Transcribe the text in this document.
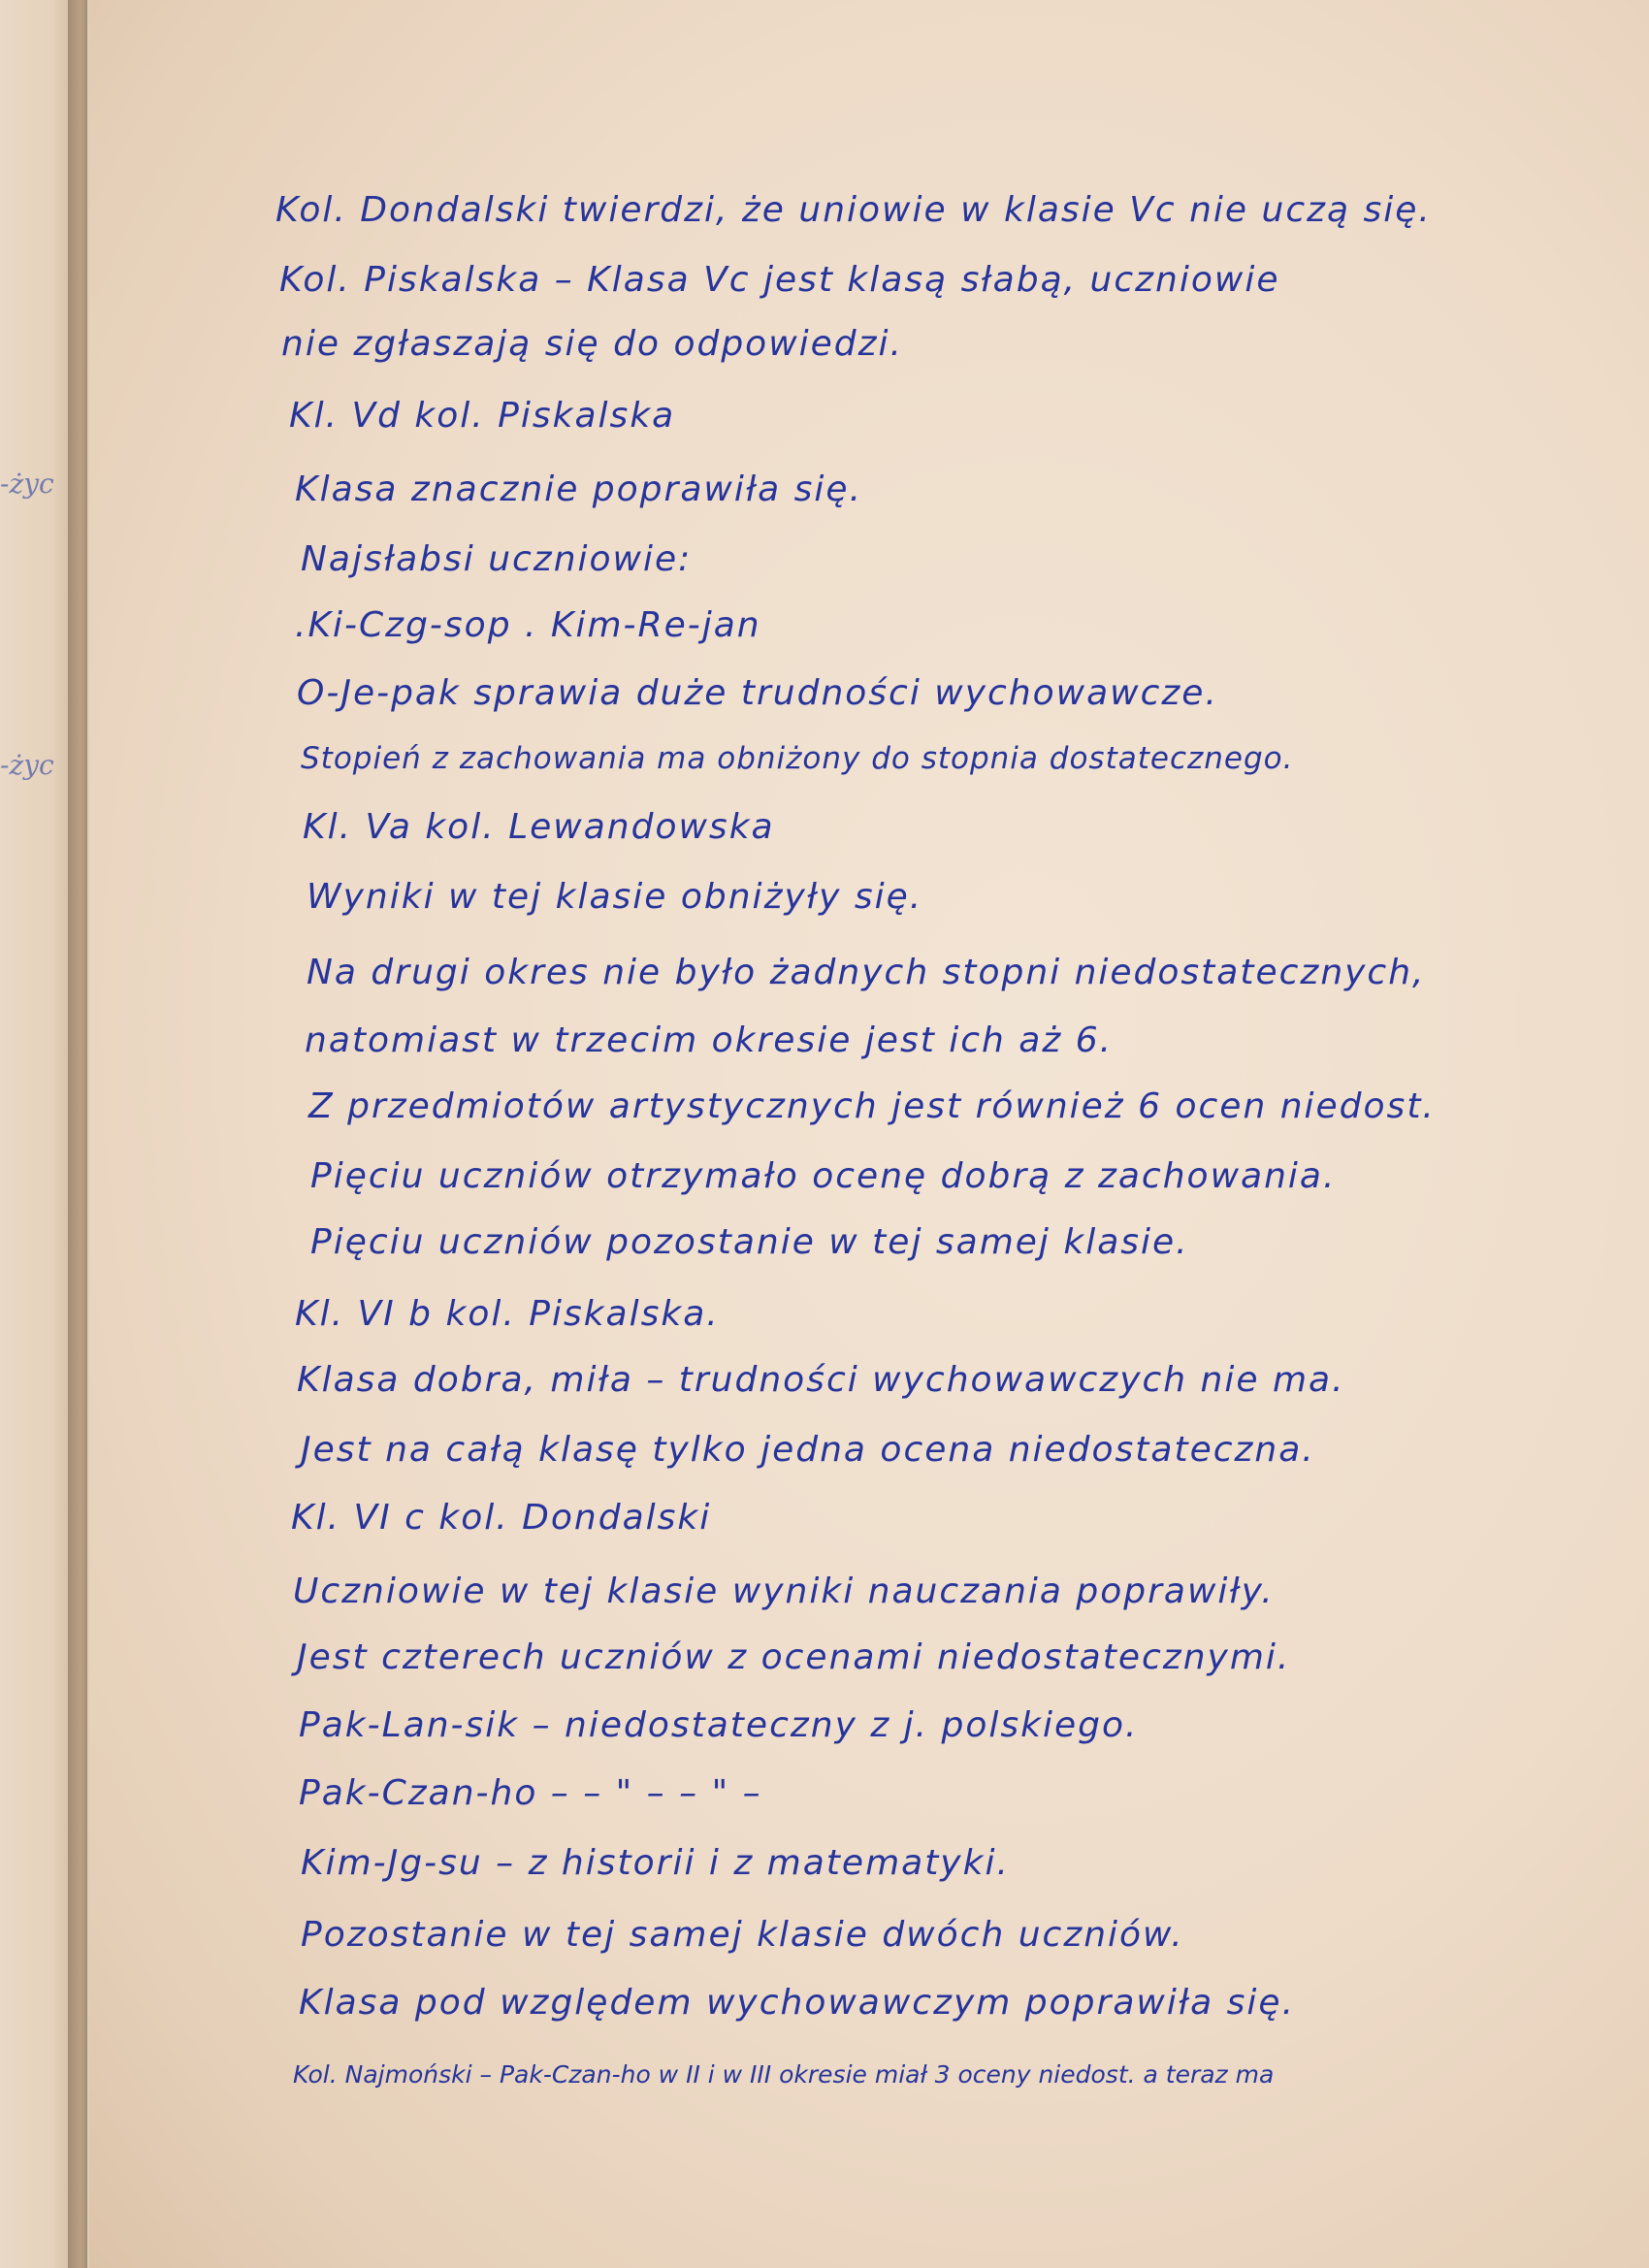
-życ
-życ
Kol. Dondalski twierdzi, że uniowie w klasie Vc nie uczą się.
Kol. Piskalska – Klasa Vc jest klasą słabą, uczniowie
nie zgłaszają się do odpowiedzi.
Kl. Vd kol. Piskalska
Klasa znacznie poprawiła się.
Najsłabsi uczniowie:
.Ki-Czg-sop . Kim-Re-jan
O-Je-pak sprawia duże trudności wychowawcze.
Stopień z zachowania ma obniżony do stopnia dostatecznego.
Kl. Va kol. Lewandowska
Wyniki w tej klasie obniżyły się.
Na drugi okres nie było żadnych stopni niedostatecznych,
natomiast w trzecim okresie jest ich aż 6.
Z przedmiotów artystycznych jest również 6 ocen niedost.
Pięciu uczniów otrzymało ocenę dobrą z zachowania.
Pięciu uczniów pozostanie w tej samej klasie.
Kl. VI b kol. Piskalska.
Klasa dobra, miła – trudności wychowawczych nie ma.
Jest na całą klasę tylko jedna ocena niedostateczna.
Kl. VI c kol. Dondalski
Uczniowie w tej klasie wyniki nauczania poprawiły.
Jest czterech uczniów z ocenami niedostatecznymi.
Pak-Lan-sik – niedostateczny z j. polskiego.
Pak-Czan-ho – – " – – " –
Kim-Jg-su – z historii i z matematyki.
Pozostanie w tej samej klasie dwóch uczniów.
Klasa pod względem wychowawczym poprawiła się.
Kol. Najmoński – Pak-Czan-ho w II i w III okresie miał 3 oceny niedost. a teraz ma
